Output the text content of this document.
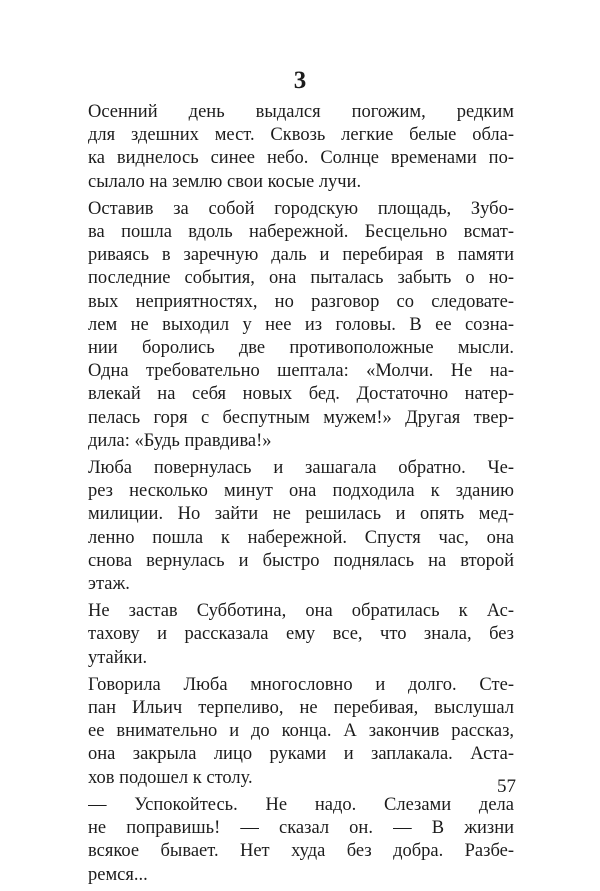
3
Осенний день выдался погожим, редким
для здешних мест. Сквозь легкие белые обла-
ка виднелось синее небо. Солнце временами по-
сылало на землю свои косые лучи.
Оставив за собой городскую площадь, Зубо-
ва пошла вдоль набережной. Бесцельно всмат-
риваясь в заречную даль и перебирая в памяти
последние события, она пыталась забыть о но-
вых неприятностях, но разговор со следовате-
лем не выходил у нее из головы. В ее сознa-
нии боролись две противоположные мысли.
Одна требовательно шептала: «Молчи. Не на-
влекай на себя новых бед. Достаточно натер-
пелась горя с беспутным мужем!» Другая твер-
дила: «Будь правдива!»
Люба повернулась и зашагала обратно. Че-
рез несколько минут она подходила к зданию
милиции. Но зайти не решилась и опять мед-
ленно пошла к набережной. Спустя час, она
снова вернулась и быстро поднялась на второй
этаж.
Не застав Субботина, она обратилась к Ас-
тахову и рассказала ему все, что знала, без
утайки.
Говорила Люба многословно и долго. Сте-
пан Ильич терпеливо, не перебивая, выслушал
ее внимательно и до конца. А закончив рассказ,
она закрыла лицо руками и заплакала. Аста-
хов подошел к столу.
— Успокойтесь. Не надо. Слезами дела
не поправишь! — сказал он. — В жизни
всякое бывает. Нет худа без добра. Разбе-
ремся...
57
